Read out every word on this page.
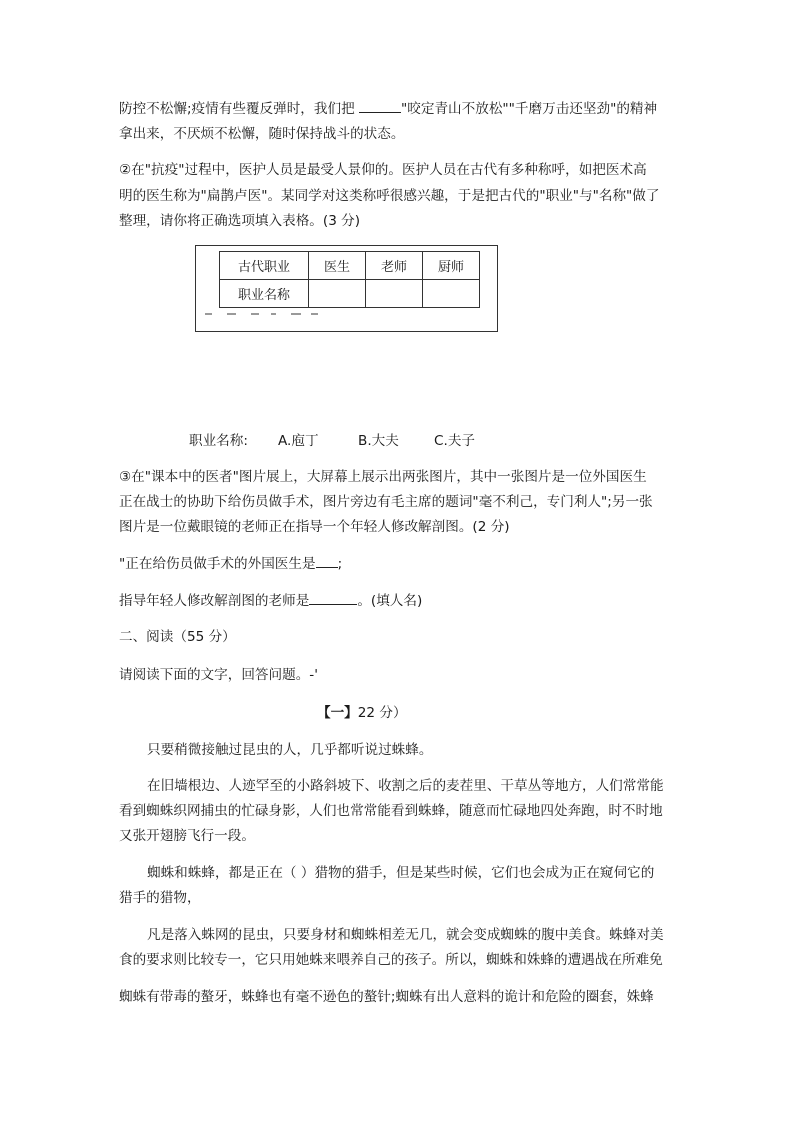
防控不松懈;疫情有些覆反弹时，我们把	"咬定青山不放松""千磨万击还坚劲"的精神
拿出来，不厌烦不松懈，随时保持战斗的状态。
②在"抗疫"过程中，医护人员是最受人景仰的。医护人员在古代有多种称呼，如把医术高
明的医生称为"扁鹊卢医"。某同学对这类称呼很感兴趣，于是把古代的"职业"与"名称"做了
整理，请你将正确选项填入表格。(3 分)
古代职业	医生	老师	厨师
职业名称			
职业名称: A.庖丁	B.大夫	C.夫子
③在"课本中的医者"图片展上，大屏幕上展示出两张图片，其中一张图片是一位外国医生
正在战士的协助下给伤员做手术，图片旁边有毛主席的题词"毫不利己，专门利人";另一张
图片是一位戴眼镜的老师正在指导一个年轻人修改解剖图。(2 分)
"正在给伤员做手术的外国医生是 ;
指导年轻人修改解剖图的老师是	。(填人名)
二、阅读（55 分）
请阅读下面的文字，回答问题。-'
【一】22 分）
只要稍微接触过昆虫的人，几乎都听说过蛛蜂。
在旧墙根边、人迹罕至的小路斜坡下、收割之后的麦茬里、干草丛等地方，人们常常能
看到蜘蛛织网捕虫的忙碌身影，人们也常常能看到蛛蜂，随意而忙碌地四处奔跑，时不时地
又张开翅膀飞行一段。
蜘蛛和蛛蜂，都是正在（ ）猎物的猎手，但是某些时候，它们也会成为正在窥伺它的
猎手的猎物，
凡是落入蛛网的昆虫，只要身材和蜘蛛相差无几，就会变成蜘蛛的腹中美食。蛛蜂对美
食的要求则比较专一，它只用她蛛来喂养自己的孩子。所以，蜘蛛和姝蜂的遭遇战在所难免
蜘蛛有带毒的螯牙，蛛蜂也有毫不逊色的螯针;蜘蛛有出人意料的诡计和危险的圈套，姝蜂
